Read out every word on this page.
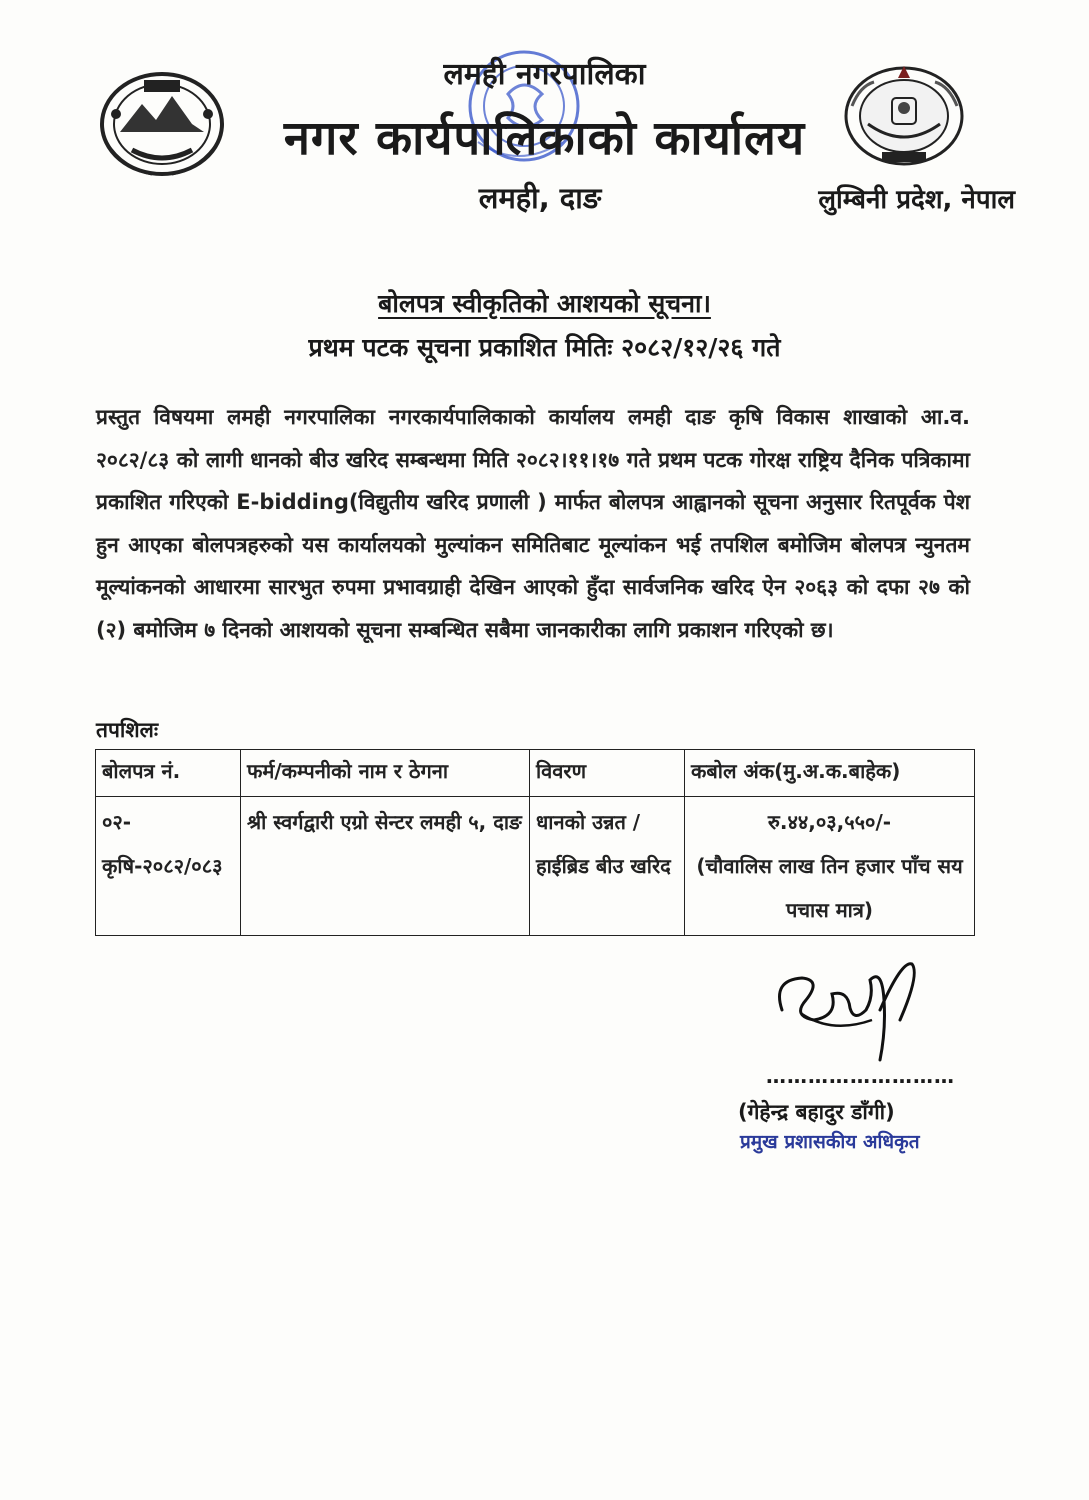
लमही नगरपालिका
नगर कार्यपालिकाको कार्यालय
लमही, दाङ	लुम्बिनी प्रदेश, नेपाल
बोलपत्र स्वीकृतिको आशयको सूचना।
प्रथम पटक सूचना प्रकाशित मितिः २०८२/१२/२६ गते
प्रस्तुत विषयमा लमही नगरपालिका नगरकार्यपालिकाको कार्यालय लमही दाङ कृषि विकास शाखाको आ.व. २०८२/८३ को लागी धानको बीउ खरिद सम्बन्धमा मिति २०८२।११।१७ गते प्रथम पटक गोरक्ष राष्ट्रिय दैनिक पत्रिकामा प्रकाशित गरिएको E-bidding(विद्युतीय खरिद प्रणाली ) मार्फत बोलपत्र आह्वानको सूचना अनुसार रितपूर्वक पेश हुन आएका बोलपत्रहरुको यस कार्यालयको मुल्यांकन समितिबाट मूल्यांकन भई तपशिल बमोजिम बोलपत्र न्युनतम मूल्यांकनको आधारमा सारभुत रुपमा प्रभावग्राही देखिन आएको हुँदा सार्वजनिक खरिद ऐन २०६३ को दफा २७ को (२) बमोजिम ७ दिनको आशयको सूचना सम्बन्धित सबैमा जानकारीका लागि प्रकाशन गरिएको छ।
तपशिलः
बोलपत्र नं.	फर्म/कम्पनीको नाम र ठेगना	विवरण	कबोल अंक(मु.अ.क.बाहेक)
०२-कृषि-२०८२/०८३	श्री स्वर्गद्वारी एग्रो सेन्टर लमही ५, दाङ	धानको उन्नत /हाईब्रिड बीउ खरिद	रु.४४,०३,५५०/-
(चौवालिस लाख तिन हजार पाँच सय पचास मात्र)
………………………
(गेहेन्द्र बहादुर डाँगी)
प्रमुख प्रशासकीय अधिकृत
